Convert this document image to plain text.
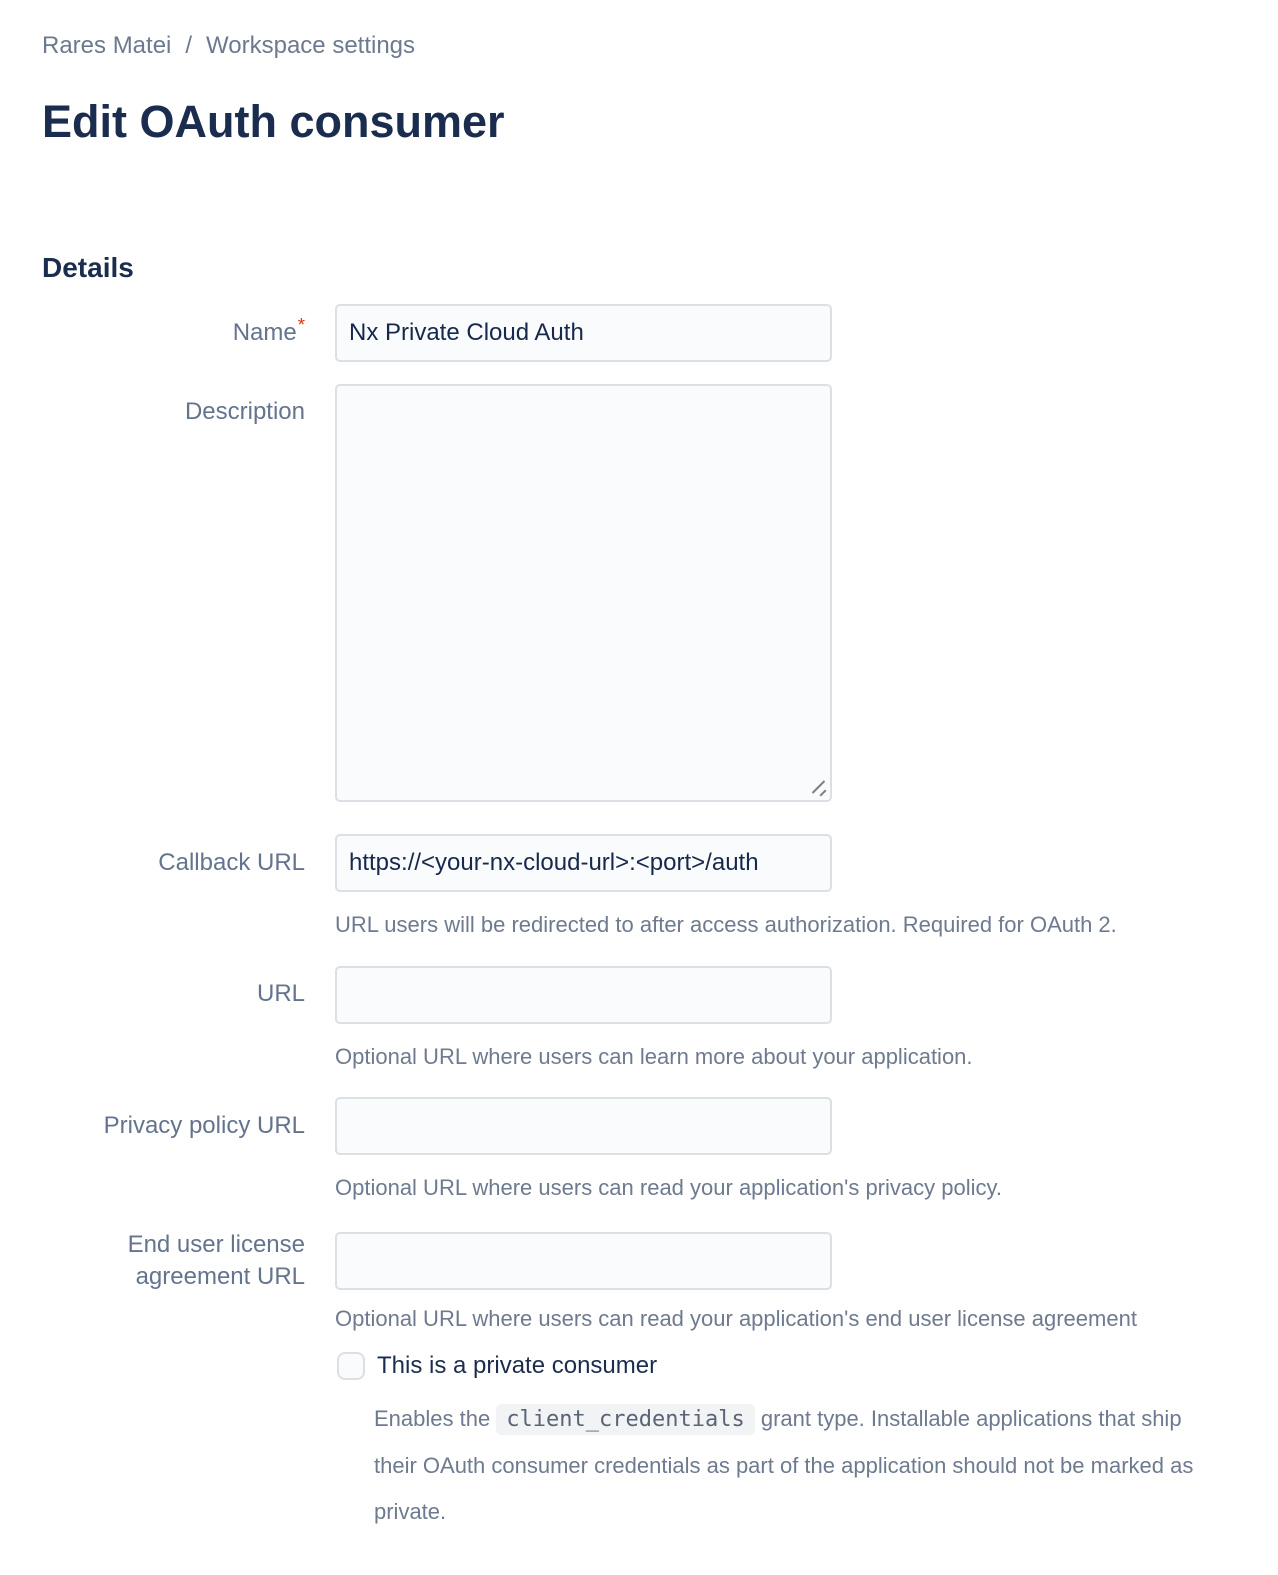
Rares Matei / Workspace settings
Edit OAuth consumer
Details
Name*
Nx Private Cloud Auth
Description
Callback URL
https://<your-nx-cloud-url>:<port>/auth
URL users will be redirected to after access authorization. Required for OAuth 2.
URL
Optional URL where users can learn more about your application.
Privacy policy URL
Optional URL where users can read your application's privacy policy.
End user license agreement URL
Optional URL where users can read your application's end user license agreement
This is a private consumer
Enables the client_credentials grant type. Installable applications that ship their OAuth consumer credentials as part of the application should not be marked as private.
